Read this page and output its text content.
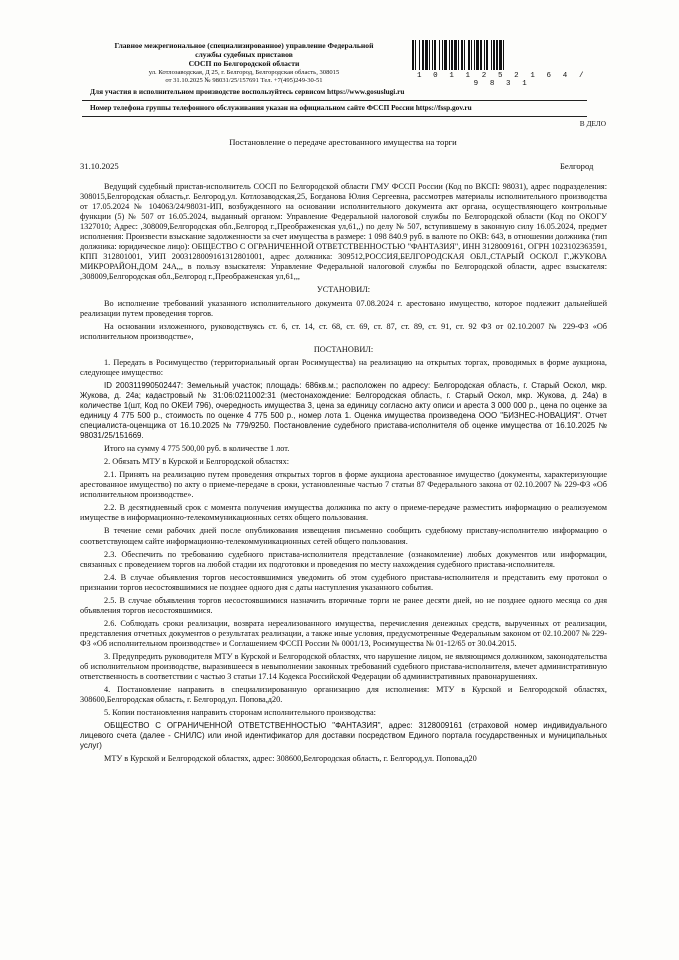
Главное межрегиональное (специализированное) управление Федеральной
службы судебных приставов
СОСП по Белгородской области
ул. Котлозаводская, Д 25, г. Белгород, Белгородская область, 308015
от 31.10.2025 № 98031/25/157691 Тел. +7(495)249-30-51
1 0 1 1 2 5 2 1 6 4 / 9 8 3 1
Для участия в исполнительном производстве воспользуйтесь сервисом https://www.gosuslugi.ru
Номер телефона группы телефонного обслуживания указан на официальном сайте ФССП России https://fssp.gov.ru
В ДЕЛО
Постановление о передаче арестованного имущества на торги
31.10.2025	Белгород

Ведущий судебный пристав-исполнитель СОСП по Белгородской области ГМУ ФССП России (Код по ВКСП: 98031), адрес подразделения: 308015,Белгородская область,г. Белгород,ул. Котлозаводская,25, Богданова Юлия Сергеевна, рассмотрев материалы исполнительного производства от 17.05.2024 № 104063/24/98031-ИП, возбужденного на основании исполнительного документа акт органа, осуществляющего контрольные функции (5) № 507 от 16.05.2024, выданный органом: Управление Федеральной налоговой службы по Белгородской области (Код по ОКОГУ 1327010; Адрес: ,308009,Белгородская обл.,Белгород г.,Преображенская ул,61,,) по делу № 507, вступившему в законную силу 16.05.2024, предмет исполнения: Произвести взыскание задолженности за счет имущества в размере: 1 098 840.9 руб. в валюте по ОКВ: 643, в отношении должника (тип должника: юридическое лицо): ОБЩЕСТВО С ОГРАНИЧЕННОЙ ОТВЕТСТВЕННОСТЬЮ "ФАНТАЗИЯ", ИНН 3128009161, ОГРН 1023102363591, КПП 312801001, УИП 2003128009161312801001, адрес должника: 309512,РОССИЯ,БЕЛГОРОДСКАЯ ОБЛ.,СТАРЫЙ ОСКОЛ Г.,ЖУКОВА МИКРОРАЙОН,ДОМ 24А,,, в пользу взыскателя: Управление Федеральной налоговой службы по Белгородской области, адрес взыскателя: ,308009,Белгородская обл.,Белгород г.,Преображенская ул,61,,,

УСТАНОВИЛ:

Во исполнение требований указанного исполнительного документа 07.08.2024 г. арестовано имущество, которое подлежит дальнейшей реализации путем проведения торгов.

На основании изложенного, руководствуясь ст. 6, ст. 14, ст. 68, ст. 69, ст. 87, ст. 89, ст. 91, ст. 92 ФЗ от 02.10.2007 № 229-ФЗ «Об исполнительном производстве»,

ПОСТАНОВИЛ:

1. Передать в Росимущество (территориальный орган Росимущества) на реализацию на открытых торгах, проводимых в форме аукциона, следующее имущество:

ID 200311990502447: Земельный участок; площадь: 686кв.м.; расположен по адресу: Белгородская область, г. Старый Оскол, мкр. Жукова, д. 24а; кадастровый № 31:06:0211002:31 (местонахождение: Белгородская область, г. Старый Оскол, мкр. Жукова, д. 24а) в количестве 1(шт, Код по ОКЕИ 796), очередность имущества 3, цена за единицу согласно акту описи и ареста 3 000 000 р., цена по оценке за единицу 4 775 500 р., стоимость по оценке 4 775 500 р., номер лота 1. Оценка имущества произведена ООО "БИЗНЕС-НОВАЦИЯ". Отчет специалиста-оценщика от 16.10.2025 № 779/9250. Постановление судебного пристава-исполнителя об оценке имущества от 16.10.2025 № 98031/25/151669.

Итого на сумму 4 775 500,00 руб. в количестве 1 лот.

2. Обязать МТУ в Курской и Белгородской областях:

2.1. Принять на реализацию путем проведения открытых торгов в форме аукциона арестованное имущество (документы, характеризующие арестованное имущество) по акту о приеме-передаче в сроки, установленные частью 7 статьи 87 Федерального закона от 02.10.2007 № 229-ФЗ «Об исполнительном производстве».

2.2. В десятидневный срок с момента получения имущества должника по акту о приеме-передаче разместить информацию о реализуемом имуществе в информационно-телекоммуникационных сетях общего пользования.

В течение семи рабочих дней после опубликования извещения письменно сообщить судебному приставу-исполнителю информацию о соответствующем сайте информационно-телекоммуникационных сетей общего пользования.

2.3. Обеспечить по требованию судебного пристава-исполнителя представление (ознакомление) любых документов или информации, связанных с проведением торгов на любой стадии их подготовки и проведения по месту нахождения судебного пристава-исполнителя.

2.4. В случае объявления торгов несостоявшимися уведомить об этом судебного пристава-исполнителя и представить ему протокол о признании торгов несостоявшимися не позднее одного дня с даты наступления указанного события.

2.5. В случае объявления торгов несостоявшимися назначить вторичные торги не ранее десяти дней, но не позднее одного месяца со дня объявления торгов несостоявшимися.

2.6. Соблюдать сроки реализации, возврата нереализованного имущества, перечисления денежных средств, вырученных от реализации, представления отчетных документов о результатах реализации, а также иные условия, предусмотренные Федеральным законом от 02.10.2007 № 229-ФЗ «Об исполнительном производстве» и Соглашением ФССП России № 0001/13, Росимущества № 01-12/65 от 30.04.2015.

3. Предупредить руководителя МТУ в Курской и Белгородской областях, что нарушение лицом, не являющимся должником, законодательства об исполнительном производстве, выразившееся в невыполнении законных требований судебного пристава-исполнителя, влечет административную ответственность в соответствии с частью 3 статьи 17.14 Кодекса Российской Федерации об административных правонарушениях.

4. Постановление направить в специализированную организацию для исполнения: МТУ в Курской и Белгородской областях, 308600,Белгородская область, г. Белгород,ул. Попова,д20.

5. Копии постановления направить сторонам исполнительного производства:

ОБЩЕСТВО С ОГРАНИЧЕННОЙ ОТВЕТСТВЕННОСТЬЮ "ФАНТАЗИЯ", адрес: 3128009161 (страховой номер индивидуального лицевого счета (далее - СНИЛС) или иной идентификатор для доставки посредством Единого портала государственных и муниципальных услуг)

МТУ в Курской и Белгородской областях, адрес: 308600,Белгородская область, г. Белгород,ул. Попова,д20
